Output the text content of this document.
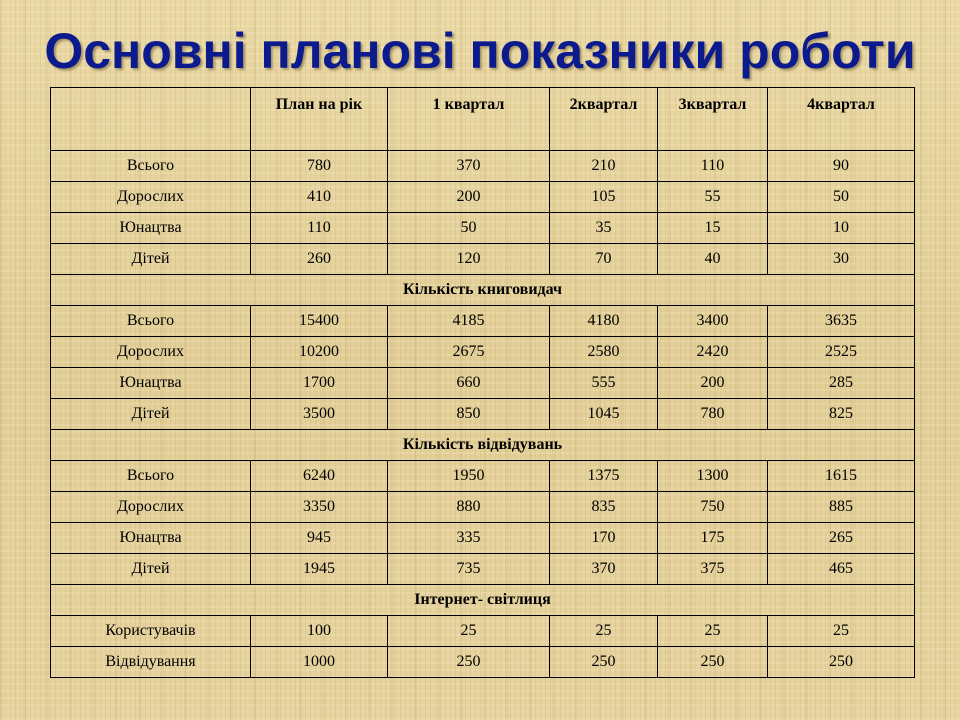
Основні планові показники роботи
	План на рік	1 квартал	2квартал	3квартал	4квартал
Всього	780	370	210	110	90
Дорослих	410	200	105	55	50
Юнацтва	110	50	35	15	10
Дітей	260	120	70	40	30
Кількість книговидач					
Всього	15400	4185	4180	3400	3635
Дорослих	10200	2675	2580	2420	2525
Юнацтва	1700	660	555	200	285
Дітей	3500	850	1045	780	825
Кількість відвідувань					
Всього	6240	1950	1375	1300	1615
Дорослих	3350	880	835	750	885
Юнацтва	945	335	170	175	265
Дітей	1945	735	370	375	465
Інтернет- світлиця					
Користувачів	100	25	25	25	25
Відвідування	1000	250	250	250	250
